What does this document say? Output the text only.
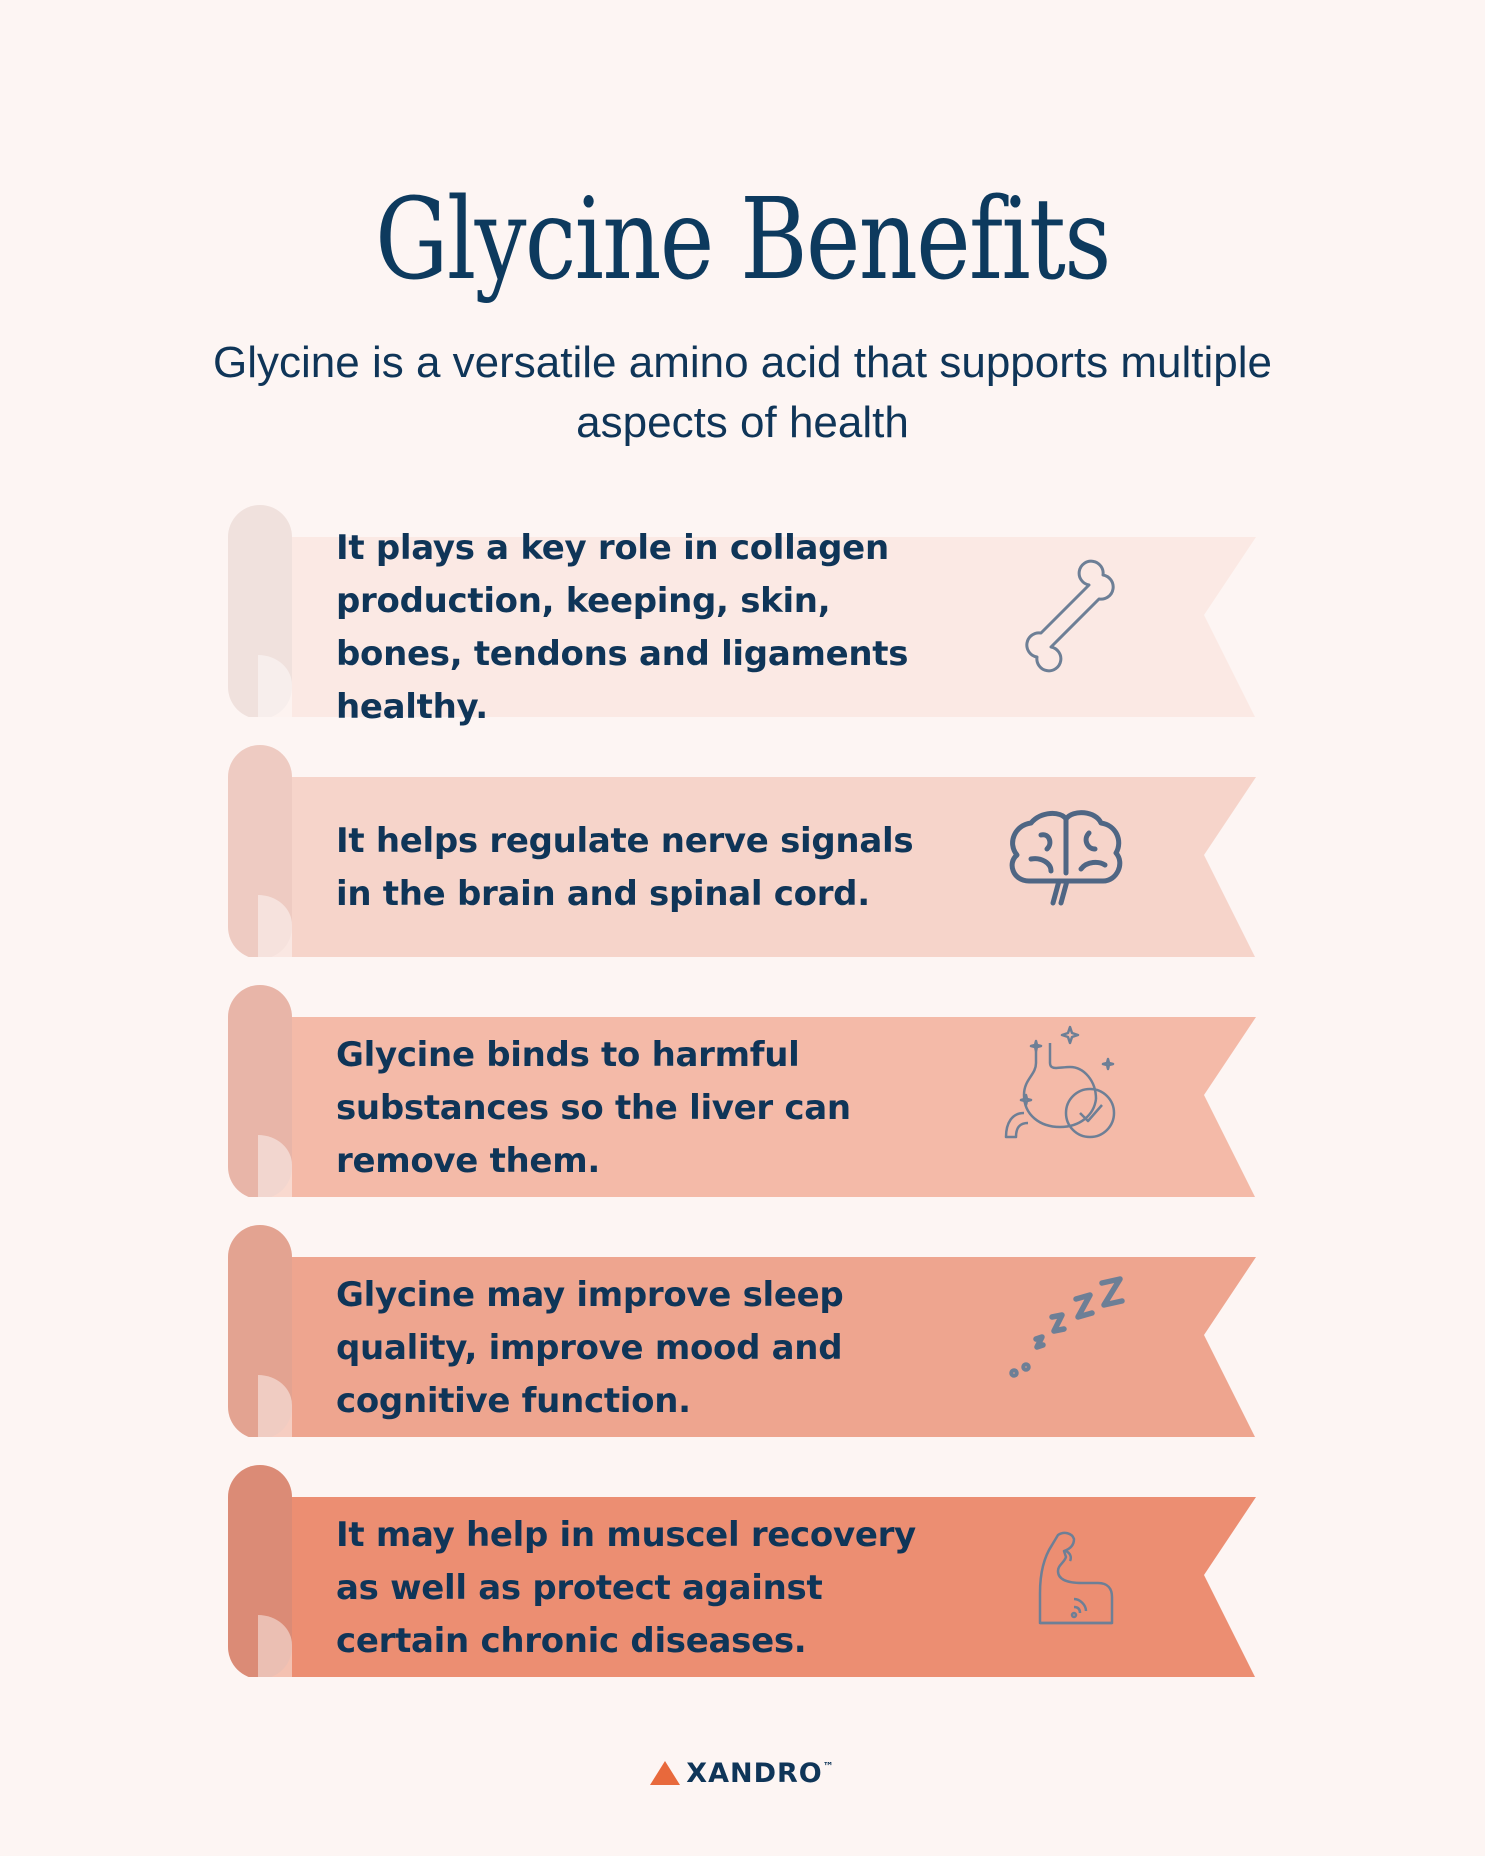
Glycine Benefits
Glycine is a versatile amino acid that supports multiple aspects of health
It plays a key role in collagen production, keeping, skin, bones, tendons and ligaments healthy.
It helps regulate nerve signals in the brain and spinal cord.
Glycine binds to harmful substances so the liver can remove them.
Glycine may improve sleep quality, improve mood and cognitive function.
It may help in muscel recovery as well as protect against certain chronic diseases.
XANDRO™
